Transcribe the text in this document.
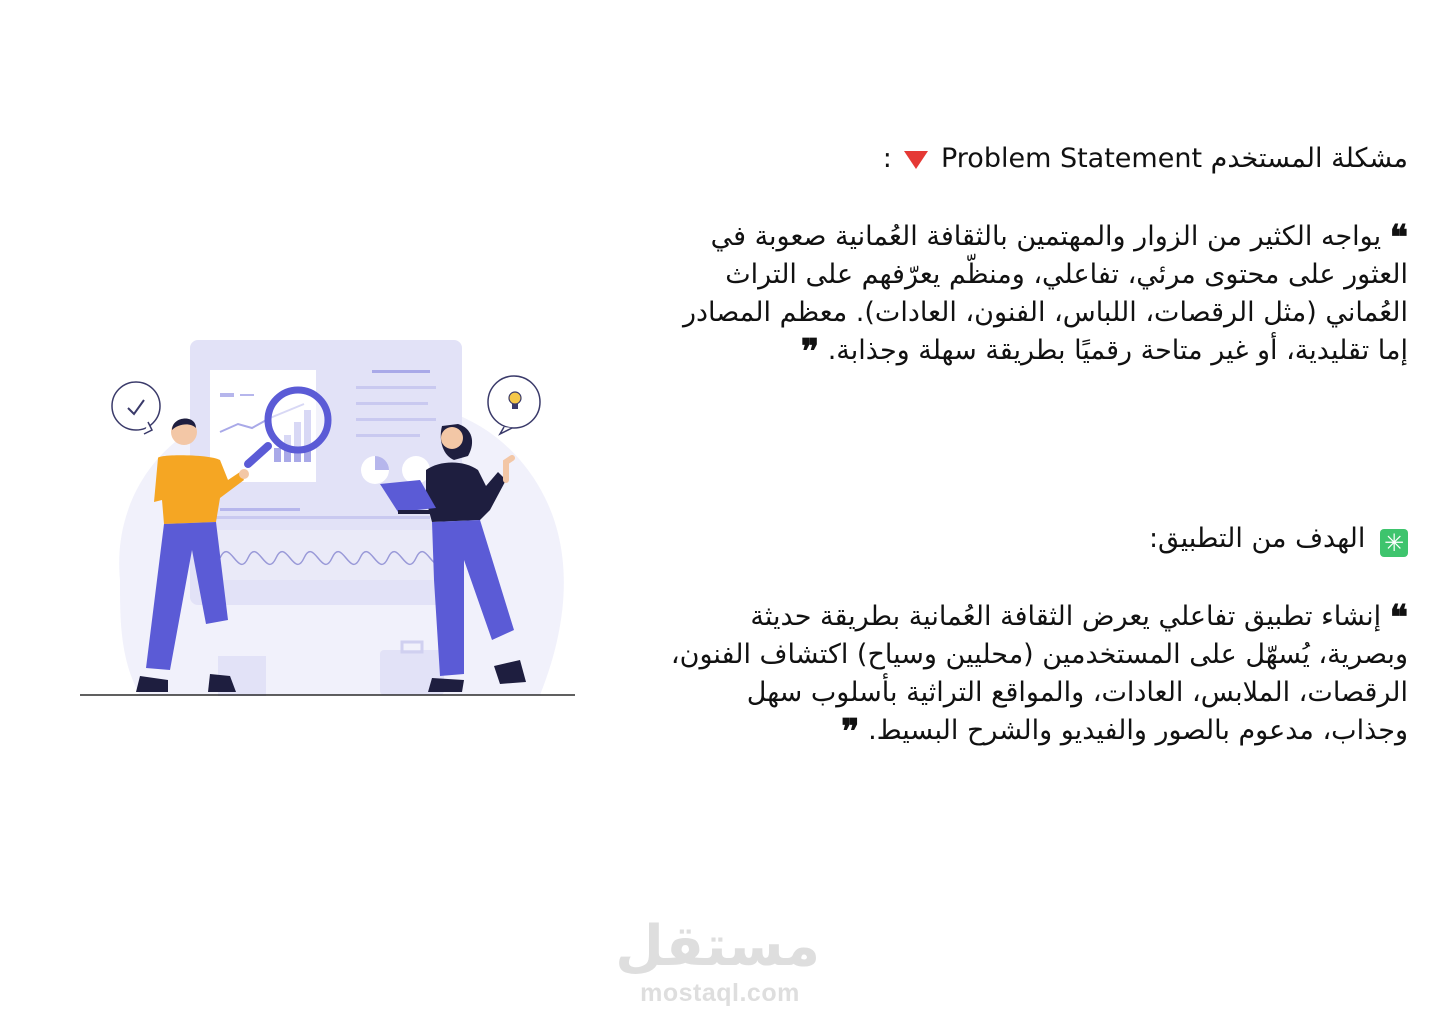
مشكلة المستخدم Problem Statement  :
❝ يواجه الكثير من الزوار والمهتمين بالثقافة العُمانية صعوبة في العثور على محتوى مرئي، تفاعلي، ومنظّم يعرّفهم على التراث العُماني (مثل الرقصات، اللباس، الفنون، العادات). معظم المصادر إما تقليدية، أو غير متاحة رقميًا بطريقة سهلة وجذابة. ❞
✳ الهدف من التطبيق:
❝ إنشاء تطبيق تفاعلي يعرض الثقافة العُمانية بطريقة حديثة وبصرية، يُسهّل على المستخدمين (محليين وسياح) اكتشاف الفنون، الرقصات، الملابس، العادات، والمواقع التراثية بأسلوب سهل وجذاب، مدعوم بالصور والفيديو والشرح البسيط. ❞
مستقل
mostaql.com
